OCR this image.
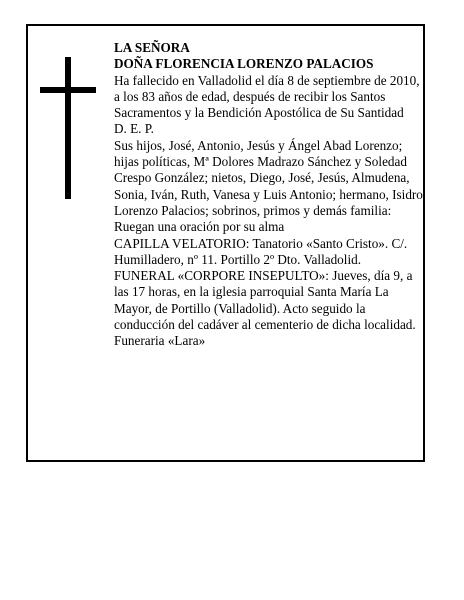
LA SEÑORA

DOÑA FLORENCIA LORENZO PALACIOS

Ha fallecido en Valladolid el día 8 de septiembre de 2010, a los 83 años de edad, después de recibir los Santos Sacramentos y la Bendición Apostólica de Su Santidad

D. E. P.

Sus hijos, José, Antonio, Jesús y Ángel Abad Lorenzo; hijas políticas, Mª Dolores Madrazo Sánchez y Soledad Crespo González; nietos, Diego, José, Jesús, Almudena, Sonia, Iván, Ruth, Vanesa y Luis Antonio; hermano, Isidro Lorenzo Palacios; sobrinos, primos y demás familia:

Ruegan una oración por su alma

CAPILLA VELATORIO: Tanatorio «Santo Cristo». C/. Humilladero, nº 11. Portillo 2º Dto. Valladolid.

FUNERAL «CORPORE INSEPULTO»: Jueves, día 9, a las 17 horas, en la iglesia parroquial Santa María La Mayor, de Portillo (Valladolid). Acto seguido la conducción del cadáver al cementerio de dicha localidad.

Funeraria «Lara»
